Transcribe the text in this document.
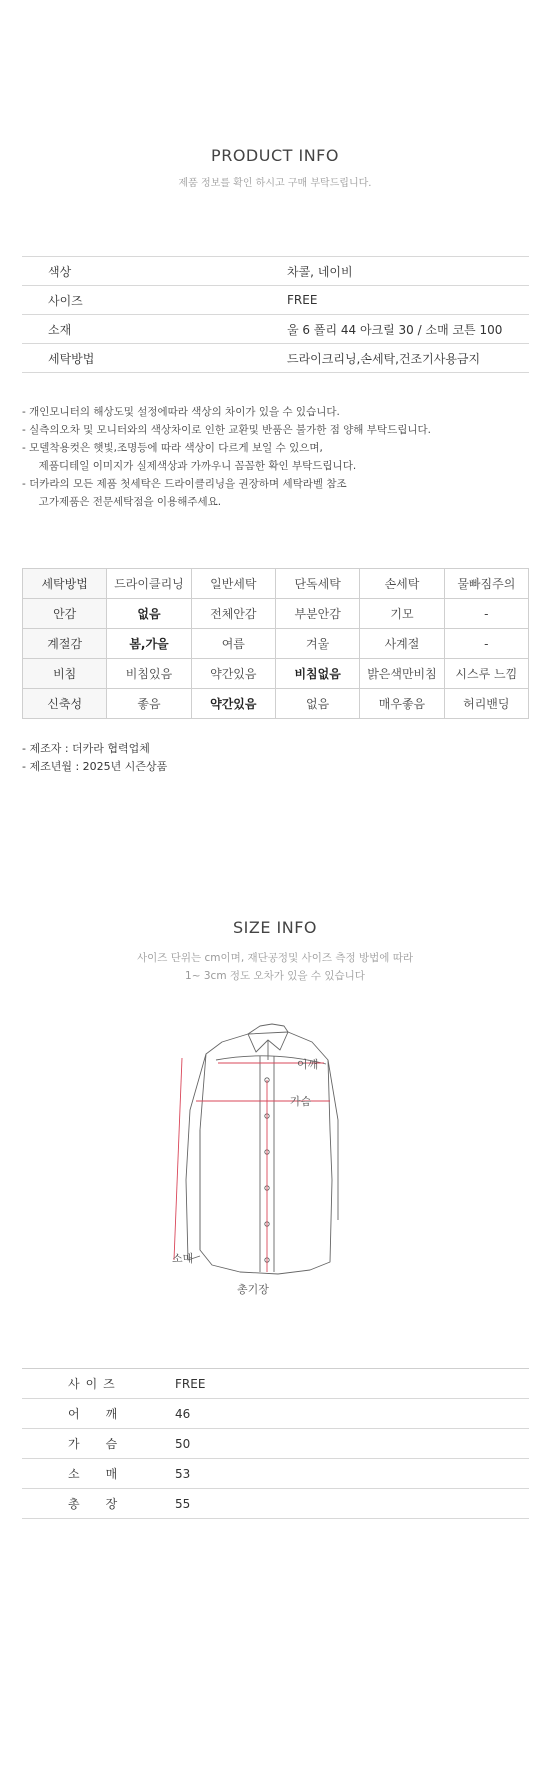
PRODUCT INFO
제품 정보를 확인 하시고 구매 부탁드립니다.
색상	차콜, 네이비
사이즈	FREE
소재	울 6 폴리 44 아크릴 30 / 소매 코튼 100
세탁방법	드라이크리닝,손세탁,건조기사용금지
- 개인모니터의 해상도및 설정에따라 색상의 차이가 있을 수 있습니다.
- 실측의오차 및 모니터와의 색상차이로 인한 교환및 반품은 불가한 점 양해 부탁드립니다.
- 모델착용컷은 햇빛,조명등에 따라 색상이 다르게 보일 수 있으며,
제품디테일 이미지가 실제색상과 가까우니 꼼꼼한 확인 부탁드립니다.
- 더카라의 모든 제품 첫세탁은 드라이클리닝을 권장하며 세탁라벨 참조
고가제품은 전문세탁점을 이용해주세요.
세탁방법	드라이클리닝	일반세탁	단독세탁	손세탁	물빠짐주의
안감	없음	전체안감	부분안감	기모	-
계절감	봄,가을	여름	겨울	사계절	-
비침	비침있음	약간있음	비침없음	밝은색만비침	시스루 느낌
신축성	좋음	약간있음	없음	매우좋음	허리밴딩
- 제조자 : 더카라 협력업체
- 제조년월 : 2025년 시즌상품
SIZE INFO
사이즈 단위는 cm이며, 재단공정및 사이즈 측정 방법에 따라
1~ 3cm 정도 오차가 있을 수 있습니다
어깨
가슴
소매
총기장
사이즈	FREE
어깨	46
가슴	50
소매	53
총장	55
